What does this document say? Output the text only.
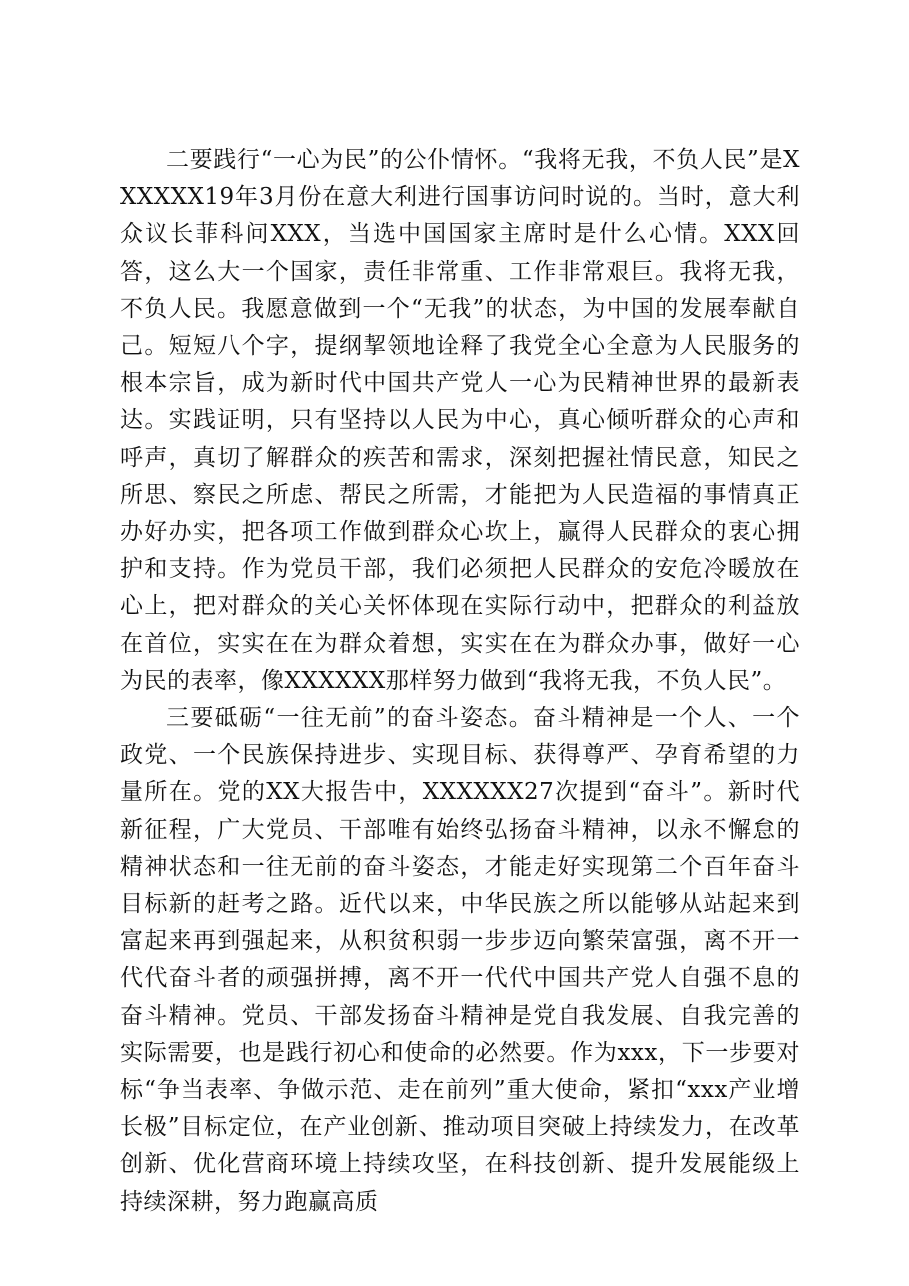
二要践行“一心为民”的公仆情怀。“我将无我，不负人民”是XXXXXX19年3月份在意大利进行国事访问时说的。当时，意大利众议长菲科问XXX，当选中国国家主席时是什么心情。XXX回答，这么大一个国家，责任非常重、工作非常艰巨。我将无我，不负人民。我愿意做到一个“无我”的状态，为中国的发展奉献自己。短短八个字，提纲挈领地诠释了我党全心全意为人民服务的根本宗旨，成为新时代中国共产党人一心为民精神世界的最新表达。实践证明，只有坚持以人民为中心，真心倾听群众的心声和呼声，真切了解群众的疾苦和需求，深刻把握社情民意，知民之所思、察民之所虑、帮民之所需，才能把为人民造福的事情真正办好办实，把各项工作做到群众心坎上，赢得人民群众的衷心拥护和支持。作为党员干部，我们必须把人民群众的安危冷暖放在心上，把对群众的关心关怀体现在实际行动中，把群众的利益放在首位，实实在在为群众着想，实实在在为群众办事，做好一心为民的表率，像XXXXXX那样努力做到“我将无我，不负人民”。

三要砥砺“一往无前”的奋斗姿态。奋斗精神是一个人、一个政党、一个民族保持进步、实现目标、获得尊严、孕育希望的力量所在。党的XX大报告中，XXXXXX27次提到“奋斗”。新时代新征程，广大党员、干部唯有始终弘扬奋斗精神，以永不懈怠的精神状态和一往无前的奋斗姿态，才能走好实现第二个百年奋斗目标新的赶考之路。近代以来，中华民族之所以能够从站起来到富起来再到强起来，从积贫积弱一步步迈向繁荣富强，离不开一代代奋斗者的顽强拼搏，离不开一代代中国共产党人自强不息的奋斗精神。党员、干部发扬奋斗精神是党自我发展、自我完善的实际需要，也是践行初心和使命的必然要。作为xxx，下一步要对标“争当表率、争做示范、走在前列”重大使命，紧扣“xxx产业增长极”目标定位，在产业创新、推动项目突破上持续发力，在改革创新、优化营商环境上持续攻坚，在科技创新、提升发展能级上持续深耕，努力跑赢高质
